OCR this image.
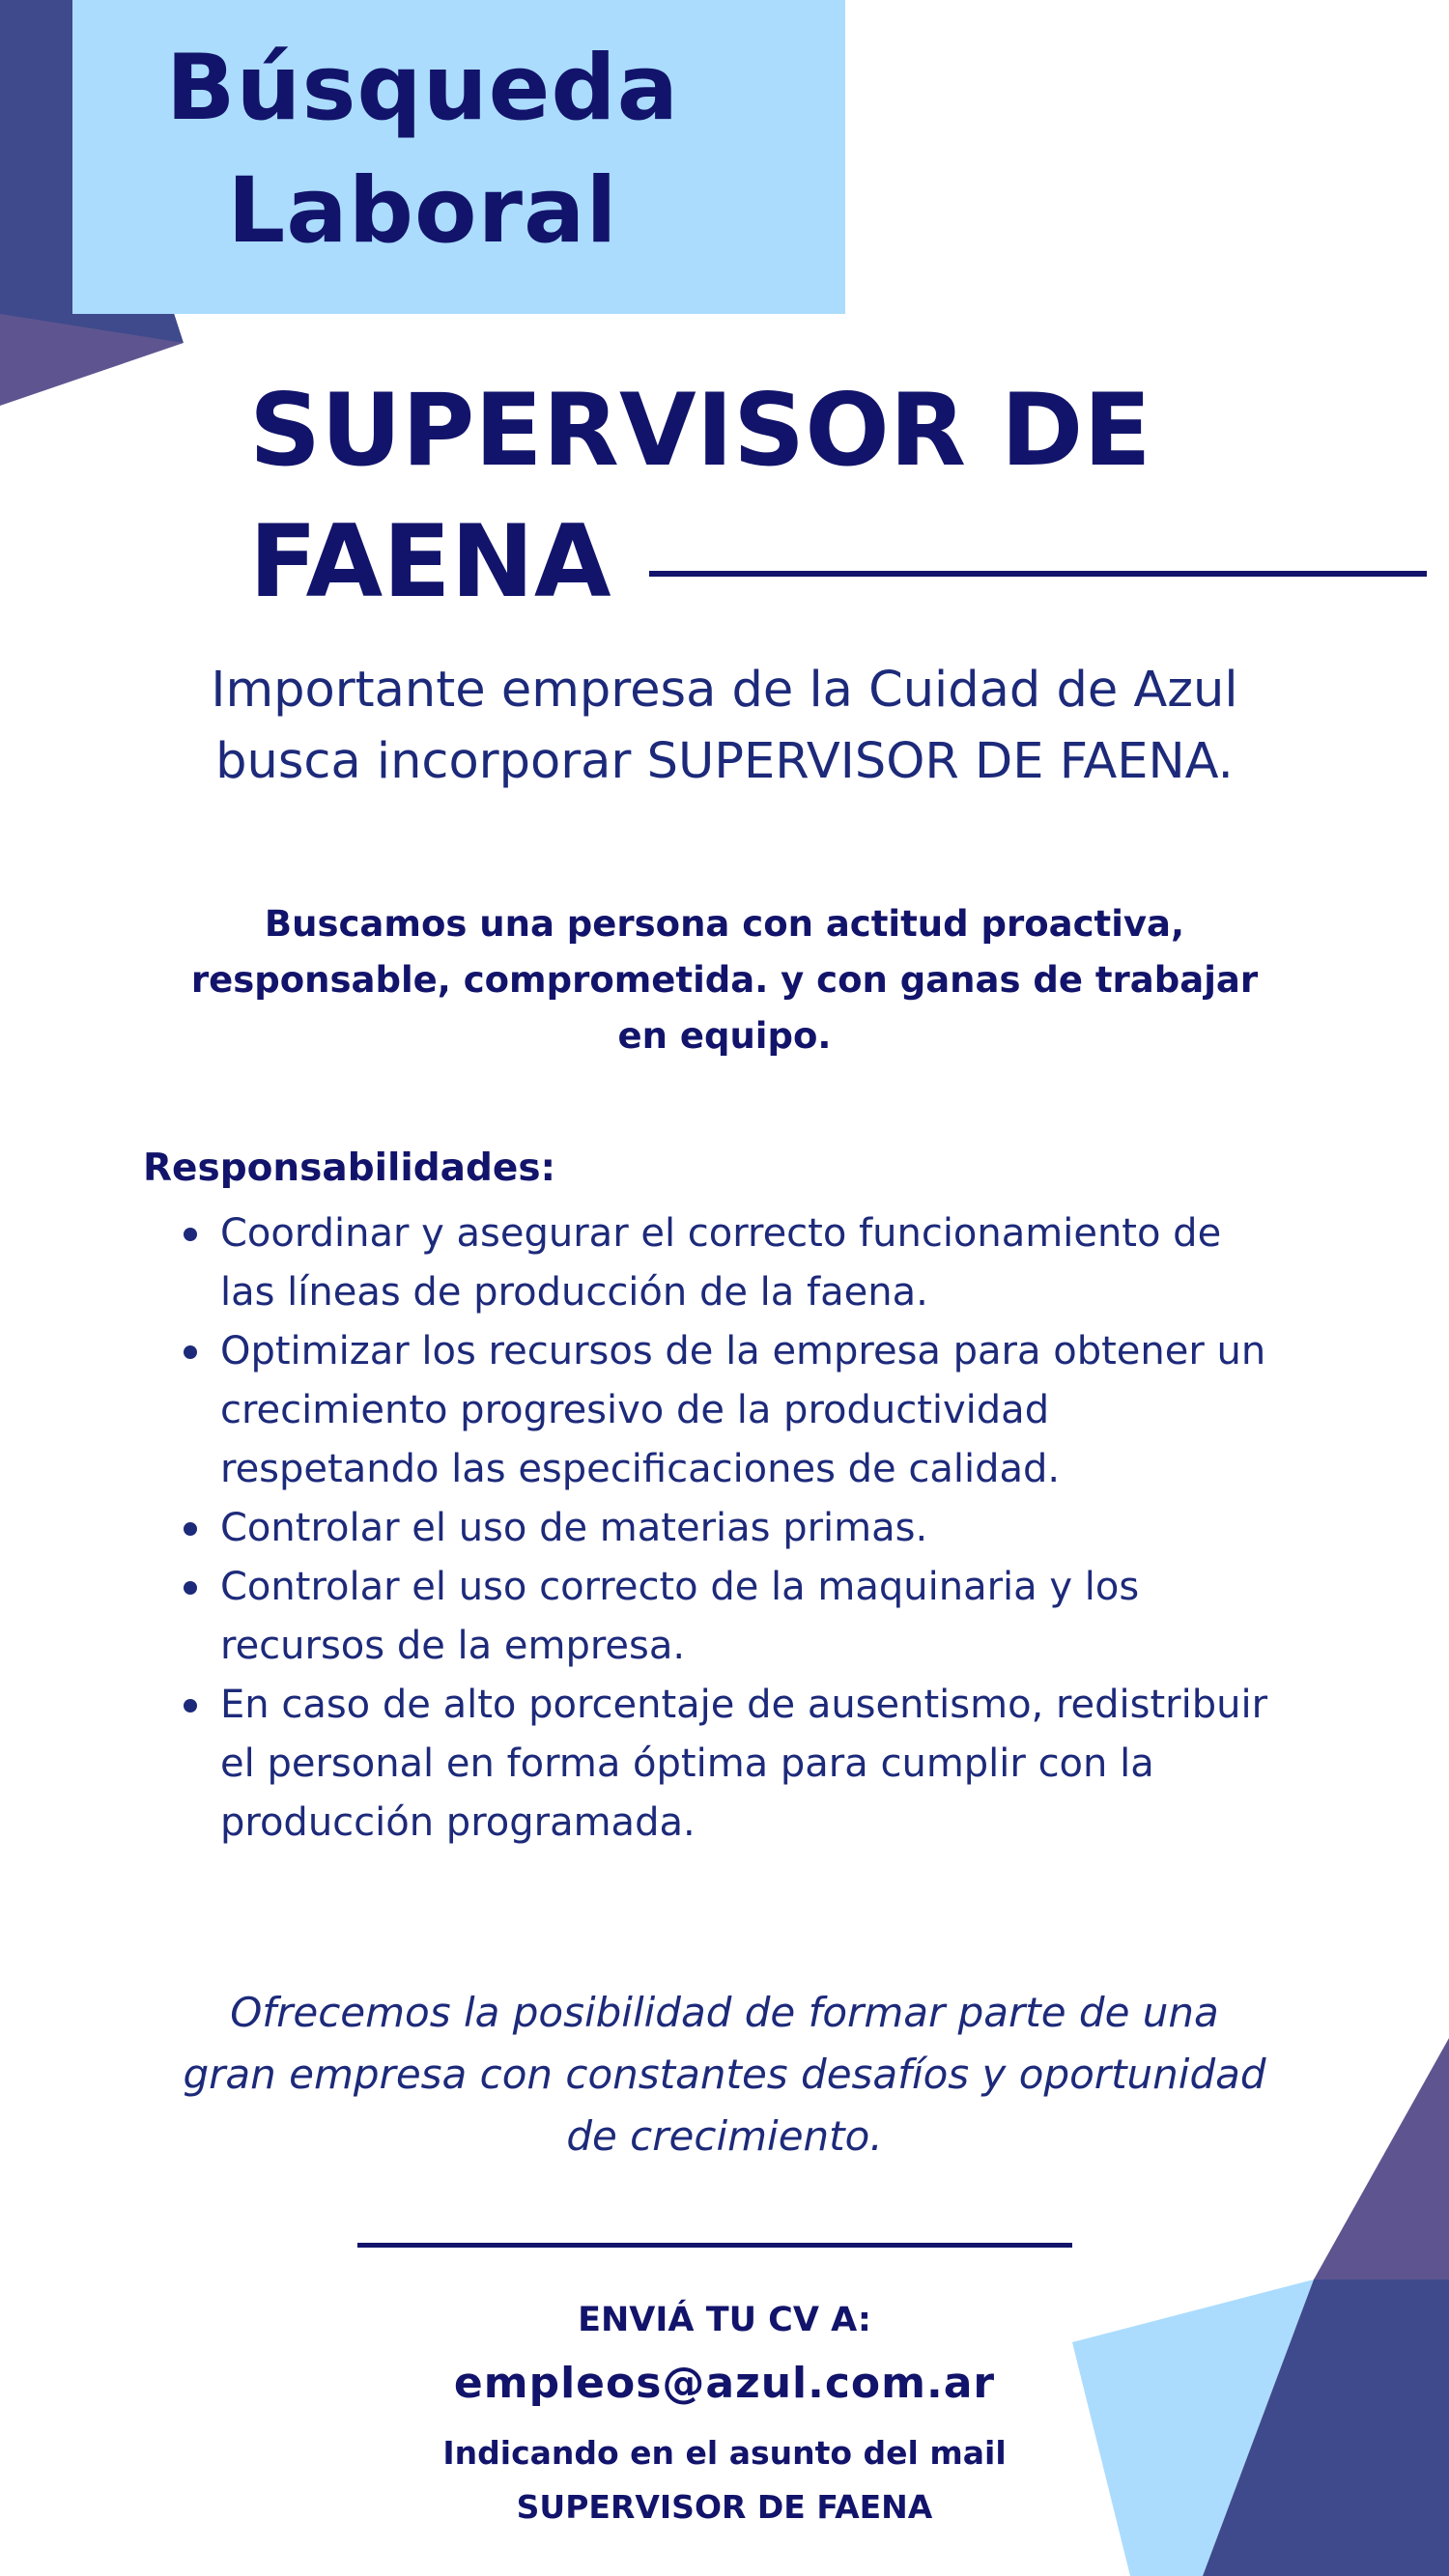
Búsqueda
Laboral
SUPERVISOR DE
FAENA

Importante empresa de la Cuidad de Azul
busca incorporar SUPERVISOR DE FAENA.

Buscamos una persona con actitud proactiva,
responsable, comprometida. y con ganas de trabajar
en equipo.

Responsabilidades:
Coordinar y asegurar el correcto funcionamiento de
las líneas de producción de la faena.
Optimizar los recursos de la empresa para obtener un
crecimiento progresivo de la productividad
respetando las especificaciones de calidad.
Controlar el uso de materias primas.
Controlar el uso correcto de la maquinaria y los
recursos de la empresa.
En caso de alto porcentaje de ausentismo, redistribuir
el personal en forma óptima para cumplir con la
producción programada.

Ofrecemos la posibilidad de formar parte de una
gran empresa con constantes desafíos y oportunidad
de crecimiento.

ENVIÁ TU CV A:

empleos@azul.com.ar

Indicando en el asunto del mail
SUPERVISOR DE FAENA
